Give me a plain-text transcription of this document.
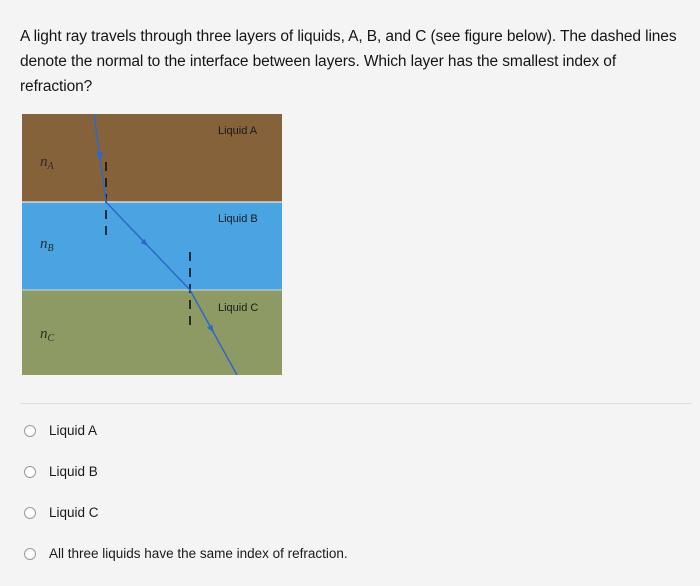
A light ray travels through three layers of liquids, A, B, and C (see figure below). The dashed lines denote the normal to the interface between layers. Which layer has the smallest index of refraction?
Liquid A
Liquid B
Liquid C
$n_A$
$n_B$
$n_C$
Liquid A
Liquid B
Liquid C
All three liquids have the same index of refraction.
